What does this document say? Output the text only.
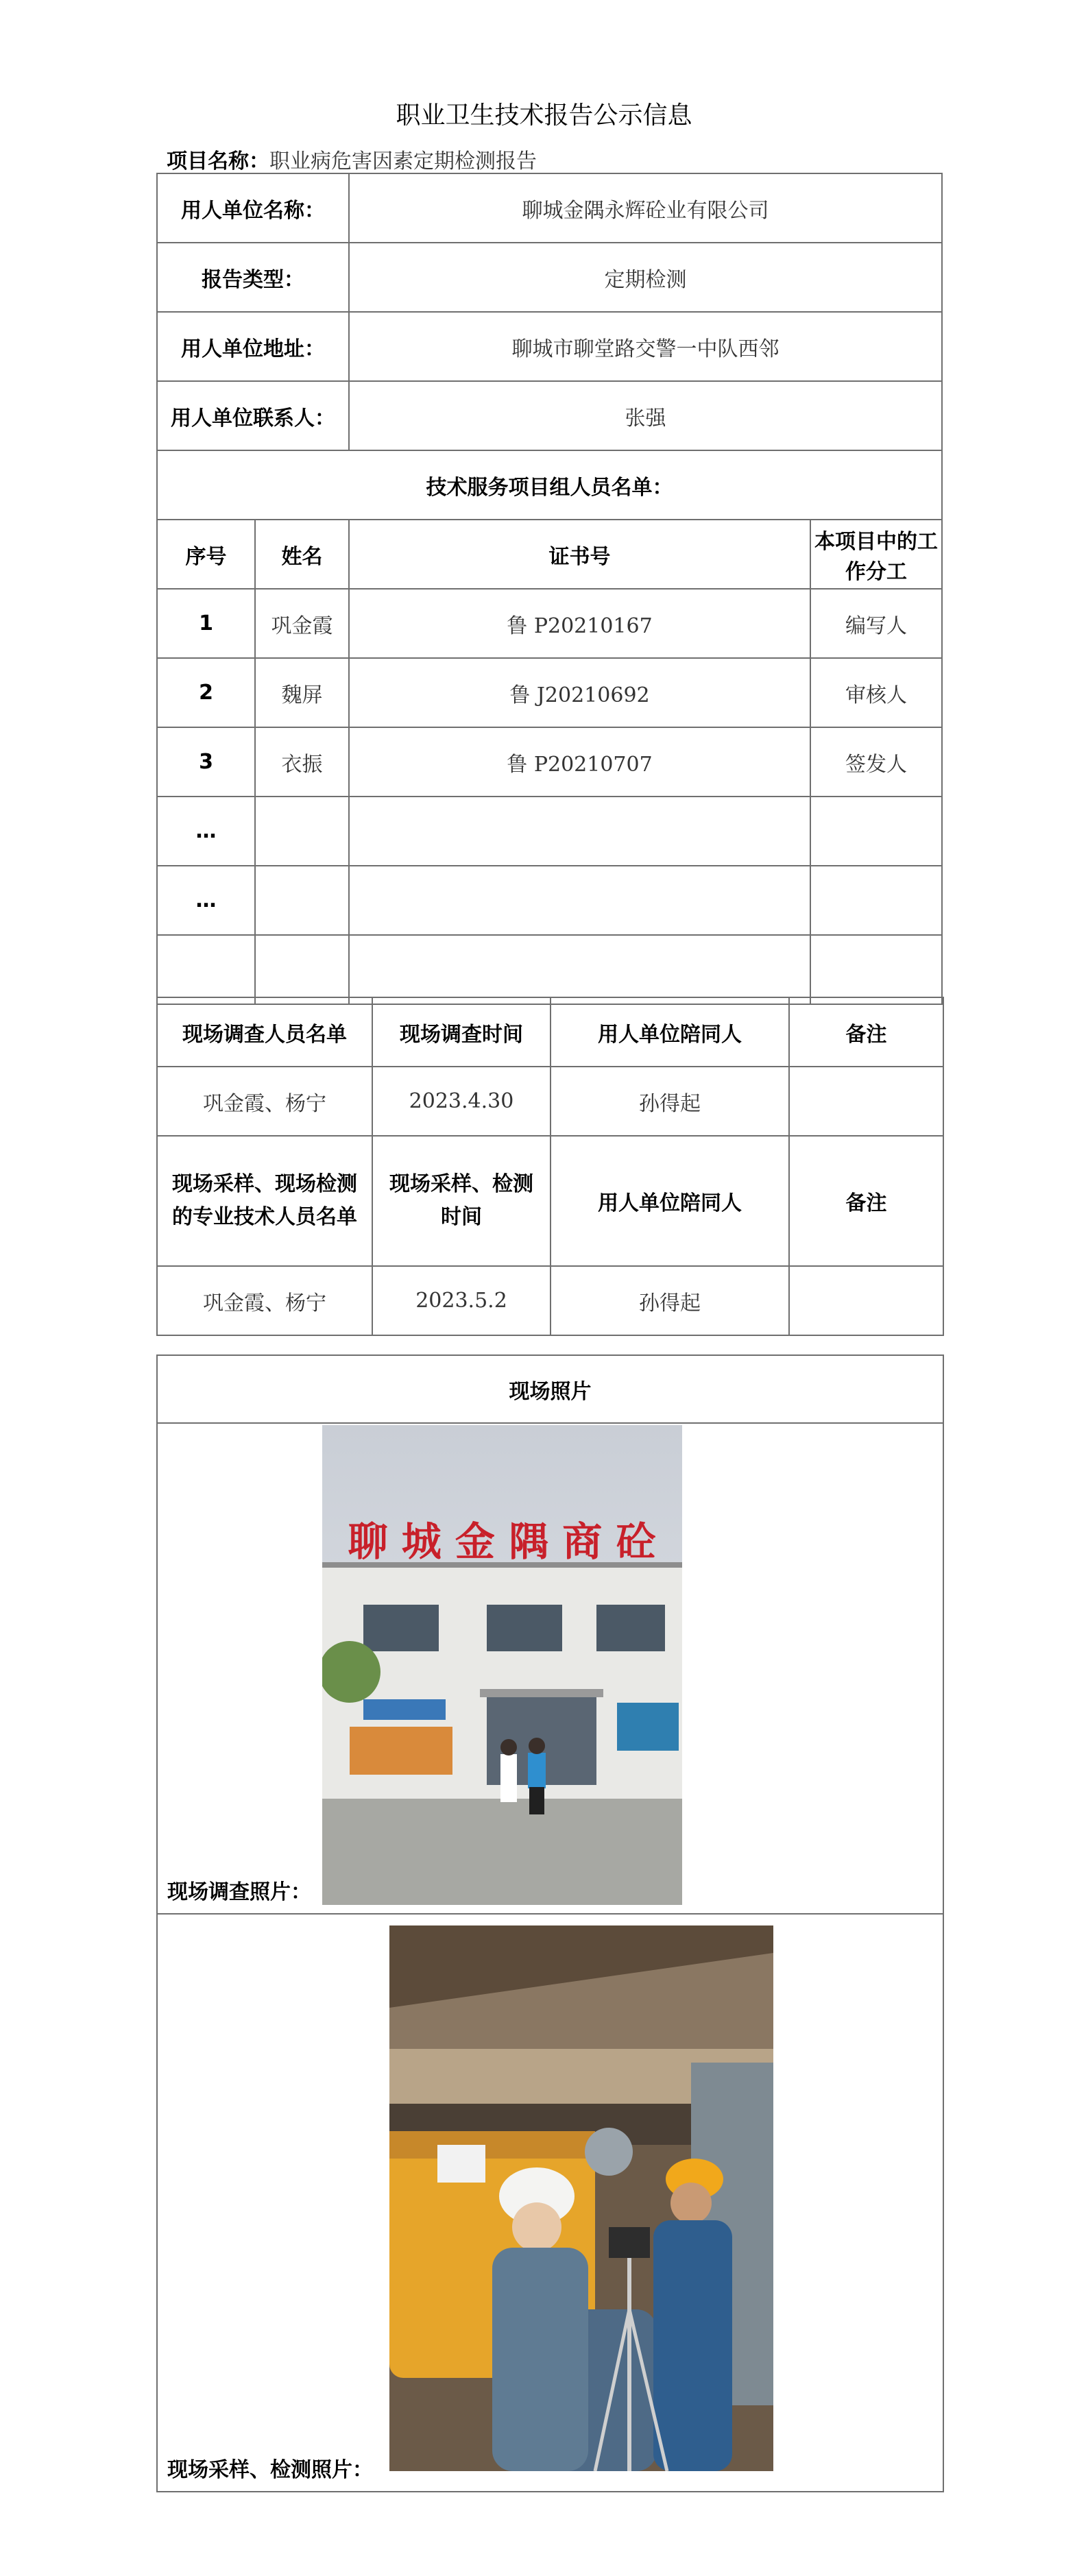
职业卫生技术报告公示信息
项目名称：职业病危害因素定期检测报告
用人单位名称：		聊城金隅永辉砼业有限公司	
报告类型：		定期检测	
用人单位地址：		聊城市聊堂路交警一中队西邻	
用人单位联系人：		张强	
技术服务项目组人员名单：			
序号	姓名	证书号	本项目中的工作分工
1	巩金霞	鲁 P20210167	编写人
2	魏屏	鲁 J20210692	审核人
3	衣振	鲁 P20210707	签发人
…			
…			

现场调查人员名单	现场调查时间	用人单位陪同人	备注
巩金霞、杨宁	2023.4.30	孙得起	
现场采样、现场检测的专业技术人员名单	现场采样、检测时间	用人单位陪同人	备注
巩金霞、杨宁	2023.5.2	孙得起	
现场照片

聊 城 金 隅 商 砼
现场调查照片：

现场采样、检测照片：
